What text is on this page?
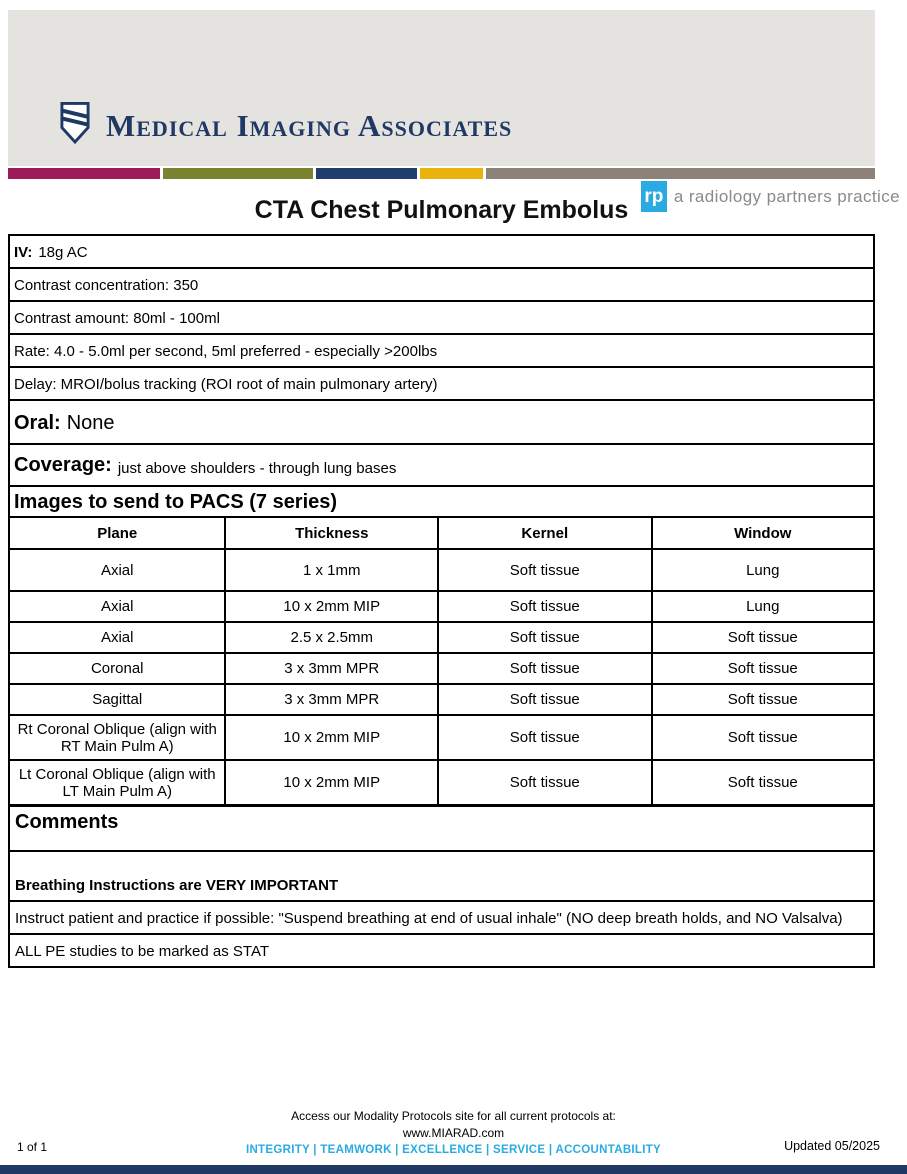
Medical Imaging Associates
rp a radiology partners practice
CTA Chest Pulmonary Embolus
IV: 18g AC
Contrast concentration: 350
Contrast amount: 80ml - 100ml
Rate: 4.0 - 5.0ml per second, 5ml preferred - especially >200lbs
Delay: MROI/bolus tracking (ROI root of main pulmonary artery)
Oral: None
Coverage: just above shoulders - through lung bases
Images to send to PACS (7 series)
Plane	Thickness	Kernel	Window
Axial	1 x 1mm	Soft tissue	Lung
Axial	10 x 2mm MIP	Soft tissue	Lung
Axial	2.5 x 2.5mm	Soft tissue	Soft tissue
Coronal	3 x 3mm MPR	Soft tissue	Soft tissue
Sagittal	3 x 3mm MPR	Soft tissue	Soft tissue
Rt Coronal Oblique (align with RT Main Pulm A)	10 x 2mm MIP	Soft tissue	Soft tissue
Lt Coronal Oblique (align with LT Main Pulm A)	10 x 2mm MIP	Soft tissue	Soft tissue
Comments
Breathing Instructions are VERY IMPORTANT
Instruct patient and practice if possible: "Suspend breathing at end of usual inhale" (NO deep breath holds, and NO Valsalva)
ALL PE studies to be marked as STAT
Access our Modality Protocols site for all current protocols at:
www.MIARAD.com
INTEGRITY | TEAMWORK | EXCELLENCE | SERVICE | ACCOUNTABILITY
1 of 1	Updated 05/2025
